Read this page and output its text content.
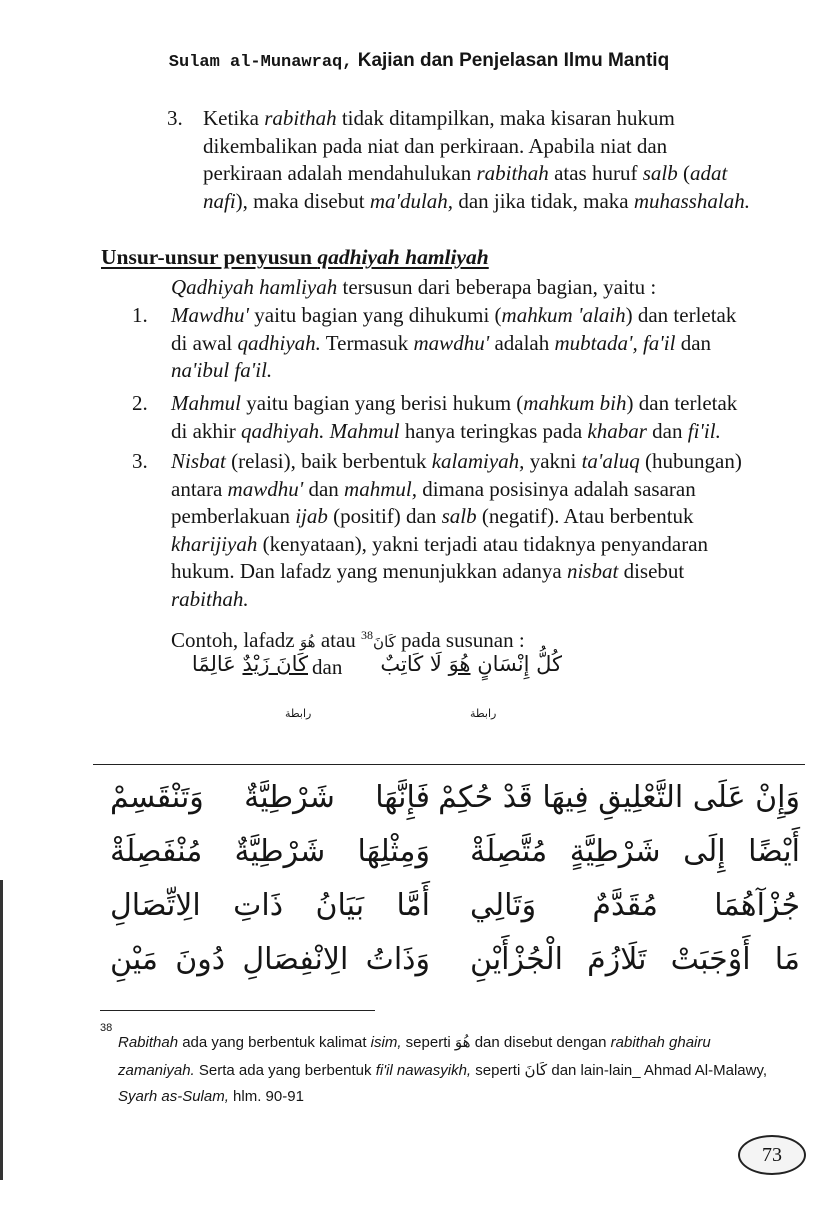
Sulam al-Munawraq, Kajian dan Penjelasan Ilmu Mantiq
3. Ketika rabithah tidak ditampilkan, maka kisaran hukum
dikembalikan pada niat dan perkiraan. Apabila niat dan
perkiraan adalah mendahulukan rabithah atas huruf salb (adat
nafi), maka disebut ma'dulah, dan jika tidak, maka muhasshalah.
Unsur-unsur penyusun qadhiyah hamliyah
Qadhiyah hamliyah tersusun dari beberapa bagian, yaitu :
1. Mawdhu' yaitu bagian yang dihukumi (mahkum 'alaih) dan terletak
di awal qadhiyah. Termasuk mawdhu' adalah mubtada', fa'il dan
na'ibul fa'il.
2. Mahmul yaitu bagian yang berisi hukum (mahkum bih) dan terletak
di akhir qadhiyah. Mahmul hanya teringkas pada khabar dan fi'il.
3. Nisbat (relasi), baik berbentuk kalamiyah, yakni ta'aluq (hubungan)
antara mawdhu' dan mahmul, dimana posisinya adalah sasaran
pemberlakuan ijab (positif) dan salb (negatif). Atau berbentuk
kharijiyah (kenyataan), yakni terjadi atau tidaknya penyandaran
hukum. Dan lafadz yang menunjukkan adanya nisbat disebut
rabithah.
Contoh, lafadz هُوَ atau كَانَ$^{38}$ pada susunan :
كُلُّ إِنْسَانٍ هُوَ لَا كَاتِبٌ
dan
كَانَ زَيْدٌ عَالِمًا
رابطة	رابطة
وَإِنْ عَلَى التَّعْلِيقِ فِيهَا قَدْ حُكِمْ
فَإِنَّهَا شَرْطِيَّةٌ وَتَنْقَسِمْ
أَيْضًا إِلَى شَرْطِيَّةٍ مُتَّصِلَةْ
وَمِثْلِهَا شَرْطِيَّةٌ مُنْفَصِلَةْ
جُزْآهُمَا مُقَدَّمٌ وَتَالِي
أَمَّا بَيَانُ ذَاتِ الِاتِّصَالِ
مَا أَوْجَبَتْ تَلَازُمَ الْجُزْأَيْنِ
وَذَاتُ الِانْفِصَالِ دُونَ مَيْنِ
38
Rabithah ada yang berbentuk kalimat isim, seperti هُوَ dan disebut dengan rabithah ghairu
zamaniyah. Serta ada yang berbentuk fi'il nawasyikh, seperti كَانَ dan lain-lain_ Ahmad Al-Malawy,
Syarh as-Sulam, hlm. 90-91
73
